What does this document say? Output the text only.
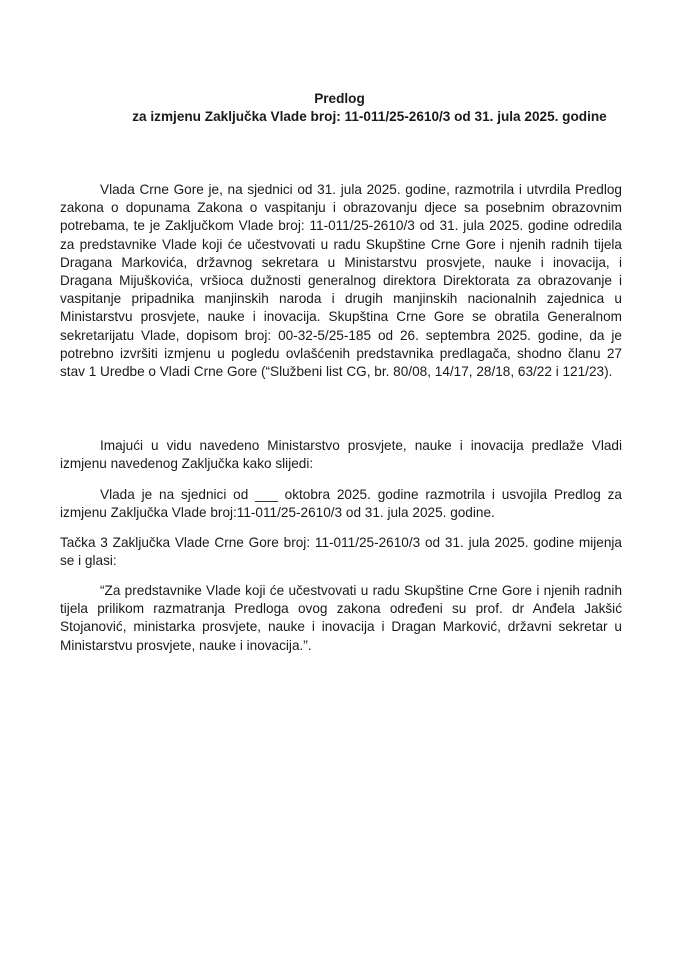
Predlog
za izmjenu Zaključka Vlade broj: 11-011/25-2610/3 od 31. jula 2025. godine

Vlada Crne Gore je, na sjednici od 31. jula 2025. godine, razmotrila i utvrdila Predlog zakona o dopunama Zakona o vaspitanju i obrazovanju djece sa posebnim obrazovnim potrebama, te je Zaključkom Vlade broj: 11-011/25-2610/3 od 31. jula 2025. godine odredila za predstavnike Vlade koji će učestvovati u radu Skupštine Crne Gore i njenih radnih tijela Dragana Markovića, državnog sekretara u Ministarstvu prosvjete, nauke i inovacija, i Dragana Mijuškovića, vršioca dužnosti generalnog direktora Direktorata za obrazovanje i vaspitanje pripadnika manjinskih naroda i drugih manjinskih nacionalnih zajednica u Ministarstvu prosvjete, nauke i inovacija. Skupština Crne Gore se obratila Generalnom sekretarijatu Vlade, dopisom broj: 00-32-5/25-185 od 26. septembra 2025. godine, da je potrebno izvršiti izmjenu u pogledu ovlašćenih predstavnika predlagača, shodno članu 27 stav 1 Uredbe o Vladi Crne Gore (“Službeni list CG, br. 80/08, 14/17, 28/18, 63/22 i 121/23).

Imajući u vidu navedeno Ministarstvo prosvjete, nauke i inovacija predlaže Vladi izmjenu navedenog Zaključka kako slijedi:

Vlada je na sjednici od ___ oktobra 2025. godine razmotrila i usvojila Predlog za izmjenu Zaključka Vlade broj:11-011/25-2610/3 od 31. jula 2025. godine.

Tačka 3 Zaključka Vlade Crne Gore broj: 11-011/25-2610/3 od 31. jula 2025. godine mijenja se i glasi:

“Za predstavnike Vlade koji će učestvovati u radu Skupštine Crne Gore i njenih radnih tijela prilikom razmatranja Predloga ovog zakona određeni su prof. dr Anđela Jakšić Stojanović, ministarka prosvjete, nauke i inovacija i Dragan Marković, državni sekretar u Ministarstvu prosvjete, nauke i inovacija.”.
